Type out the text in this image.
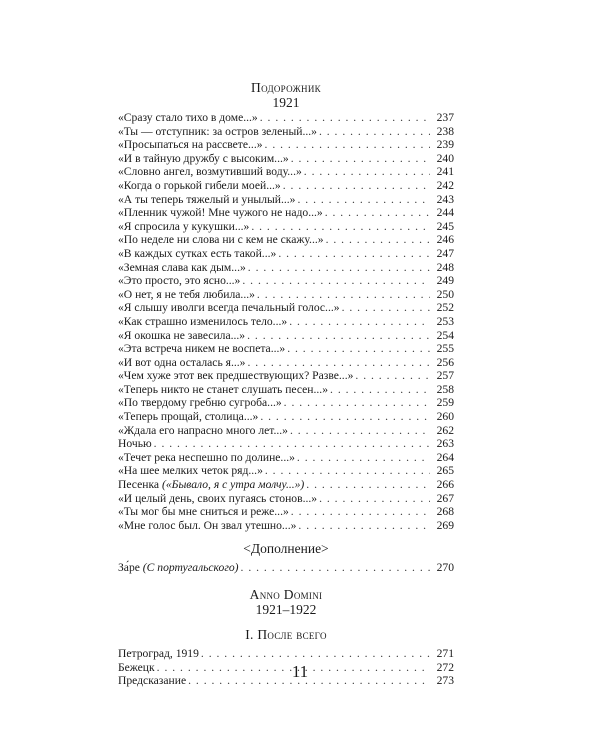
Подорожник
1921
«Сразу стало тихо в доме...» . . .	237
«Ты — отступник: за остров зеленый...» . . .	238
«Просыпаться на рассвете...» . . .	239
«И в тайную дружбу с высоким...» . . .	240
«Словно ангел, возмутивший воду...» . . .	241
«Когда о горькой гибели моей...» . . .	242
«А ты теперь тяжелый и унылый...» . . .	243
«Пленник чужой! Мне чужого не надо...» . . .	244
«Я спросила у кукушки...» . . .	245
«По неделе ни слова ни с кем не скажу...» . . .	246
«В каждых сутках есть такой...» . . .	247
«Земная слава как дым...» . . .	248
«Это просто, это ясно...» . . .	249
«О нет, я не тебя любила...» . . .	250
«Я слышу иволги всегда печальный голос...» . . .	252
«Как страшно изменилось тело...» . . .	253
«Я окошка не завесила...» . . .	254
«Эта встреча никем не воспета...» . . .	255
«И вот одна осталась я...» . . .	256
«Чем хуже этот век предшествующих? Разве...» . . .	257
«Теперь никто не станет слушать песен...» . . .	258
«По твердому гребню сугроба...» . . .	259
«Теперь прощай, столица...» . . .	260
«Ждала его напрасно много лет...» . . .	262
Ночью . . .	263
«Течет река неспешно по долине...» . . .	264
«На шее мелких четок ряд...» . . .	265
Песенка («Бывало, я с утра молчу...») . . .	266
«И целый день, своих пугаясь стонов...» . . .	267
«Ты мог бы мне сниться и реже...» . . .	268
«Мне голос был. Он звал утешно...» . . .	269
<Дополнение>
За́ре (С португальского) . . .	270
Anno Domini
1921–1922
I. После всего
Петроград, 1919 . . .	271
Бежецк . . .	272
Предсказание . . .	273
11
